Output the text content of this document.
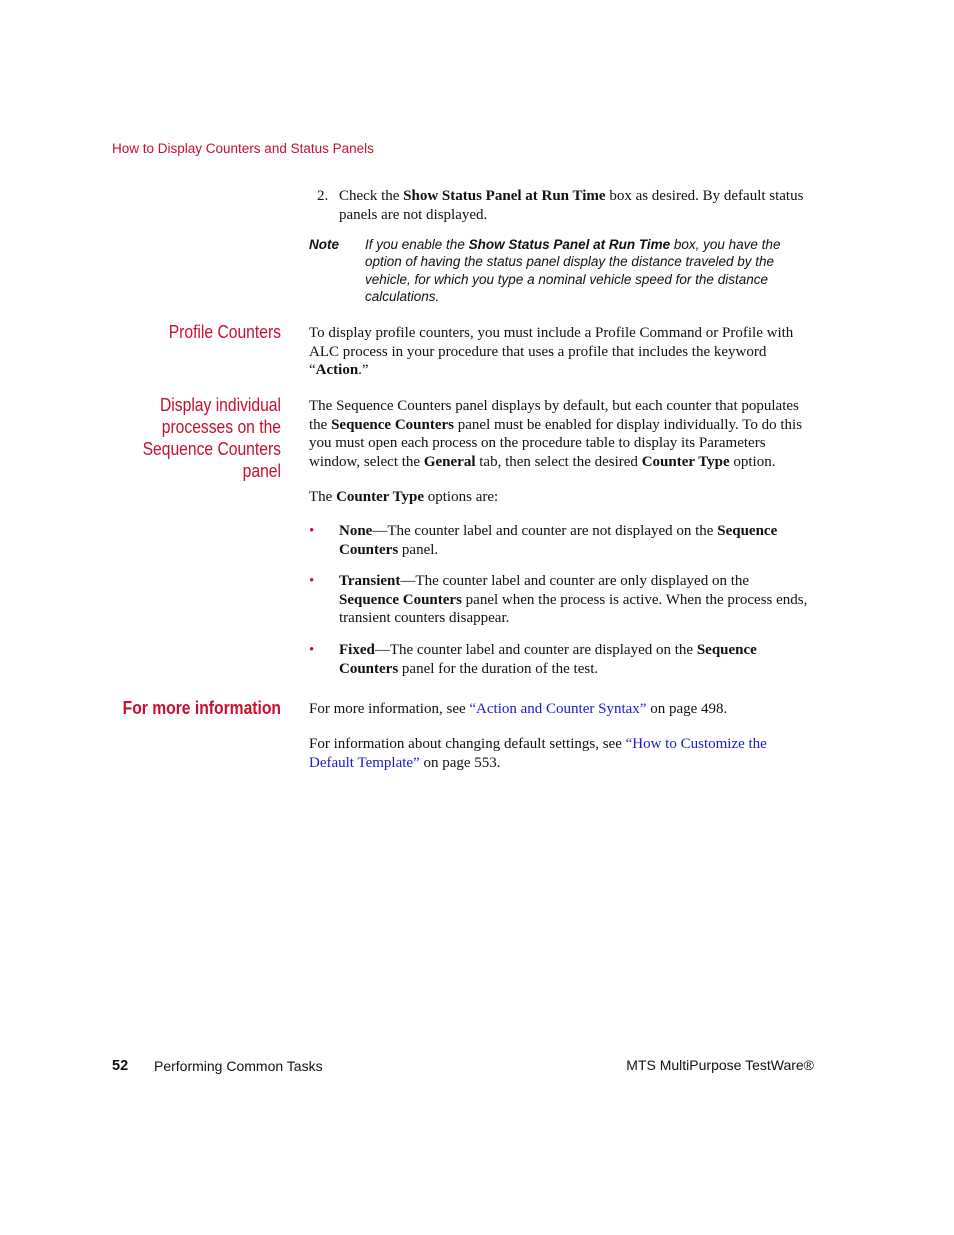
How to Display Counters and Status Panels
2. Check the Show Status Panel at Run Time box as desired. By default status panels are not displayed.

Note If you enable the Show Status Panel at Run Time box, you have the option of having the status panel display the distance traveled by the vehicle, for which you type a nominal vehicle speed for the distance calculations.

Profile Counters To display profile counters, you must include a Profile Command or Profile with ALC process in your procedure that uses a profile that includes the keyword “Action.”

Display individual
processes on the
Sequence Counters
panel

The Sequence Counters panel displays by default, but each counter that populates the Sequence Counters panel must be enabled for display individually. To do this you must open each process on the procedure table to display its Parameters window, select the General tab, then select the desired Counter Type option.

The Counter Type options are:

• None—The counter label and counter are not displayed on the Sequence Counters panel.

• Transient—The counter label and counter are only displayed on the Sequence Counters panel when the process is active. When the process ends, transient counters disappear.

• Fixed—The counter label and counter are displayed on the Sequence Counters panel for the duration of the test.

For more information For more information, see “Action and Counter Syntax” on page 498.

For information about changing default settings, see “How to Customize the Default Template” on page 553.

52 Performing Common Tasks	MTS MultiPurpose TestWare®
